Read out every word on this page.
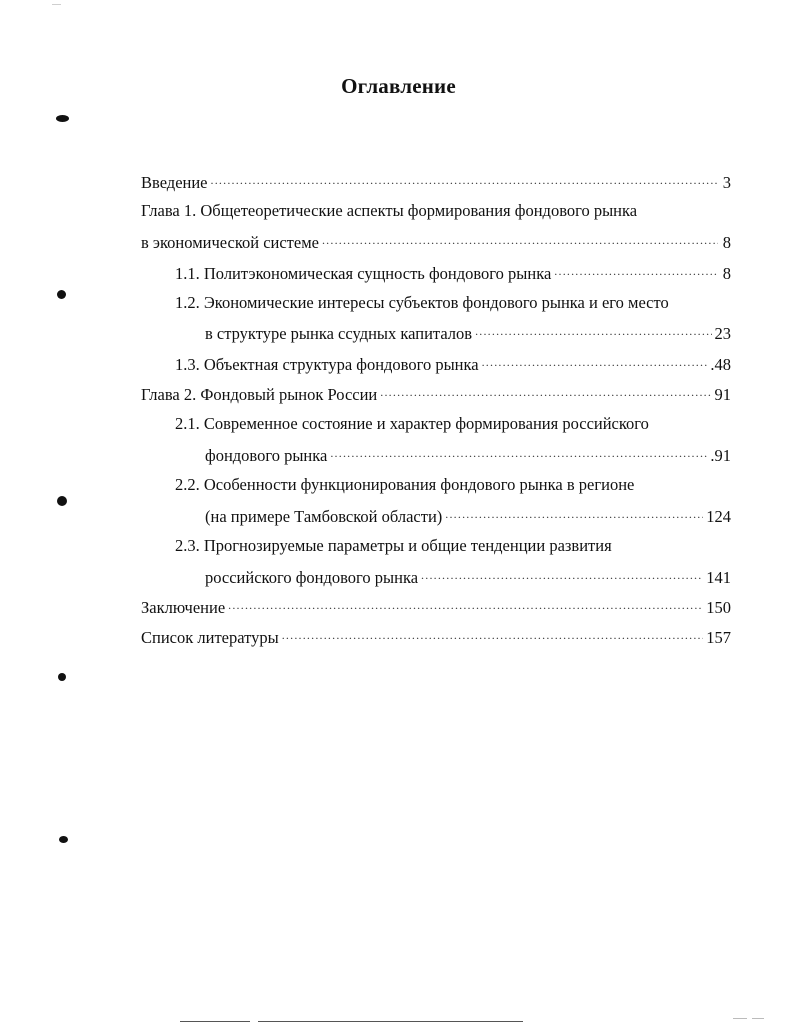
Оглавление
Введение .....	3
Глава 1. Общетеоретические аспекты формирования фондового рынка
в экономической системе .....	8
1.1. Политэкономическая сущность фондового рынка .....	8
1.2. Экономические интересы субъектов фондового рынка и его место
в структуре рынка ссудных капиталов .....	23
1.3. Объектная структура фондового рынка .....	.48
Глава 2. Фондовый рынок России .....	91
2.1. Современное состояние и характер формирования российского
фондового рынка .....	.91
2.2. Особенности функционирования фондового рынка в регионе
(на примере Тамбовской области) .....	124
2.3. Прогнозируемые параметры и общие тенденции развития
российского фондового рынка .....	141
Заключение .....	150
Список литературы .....	157
